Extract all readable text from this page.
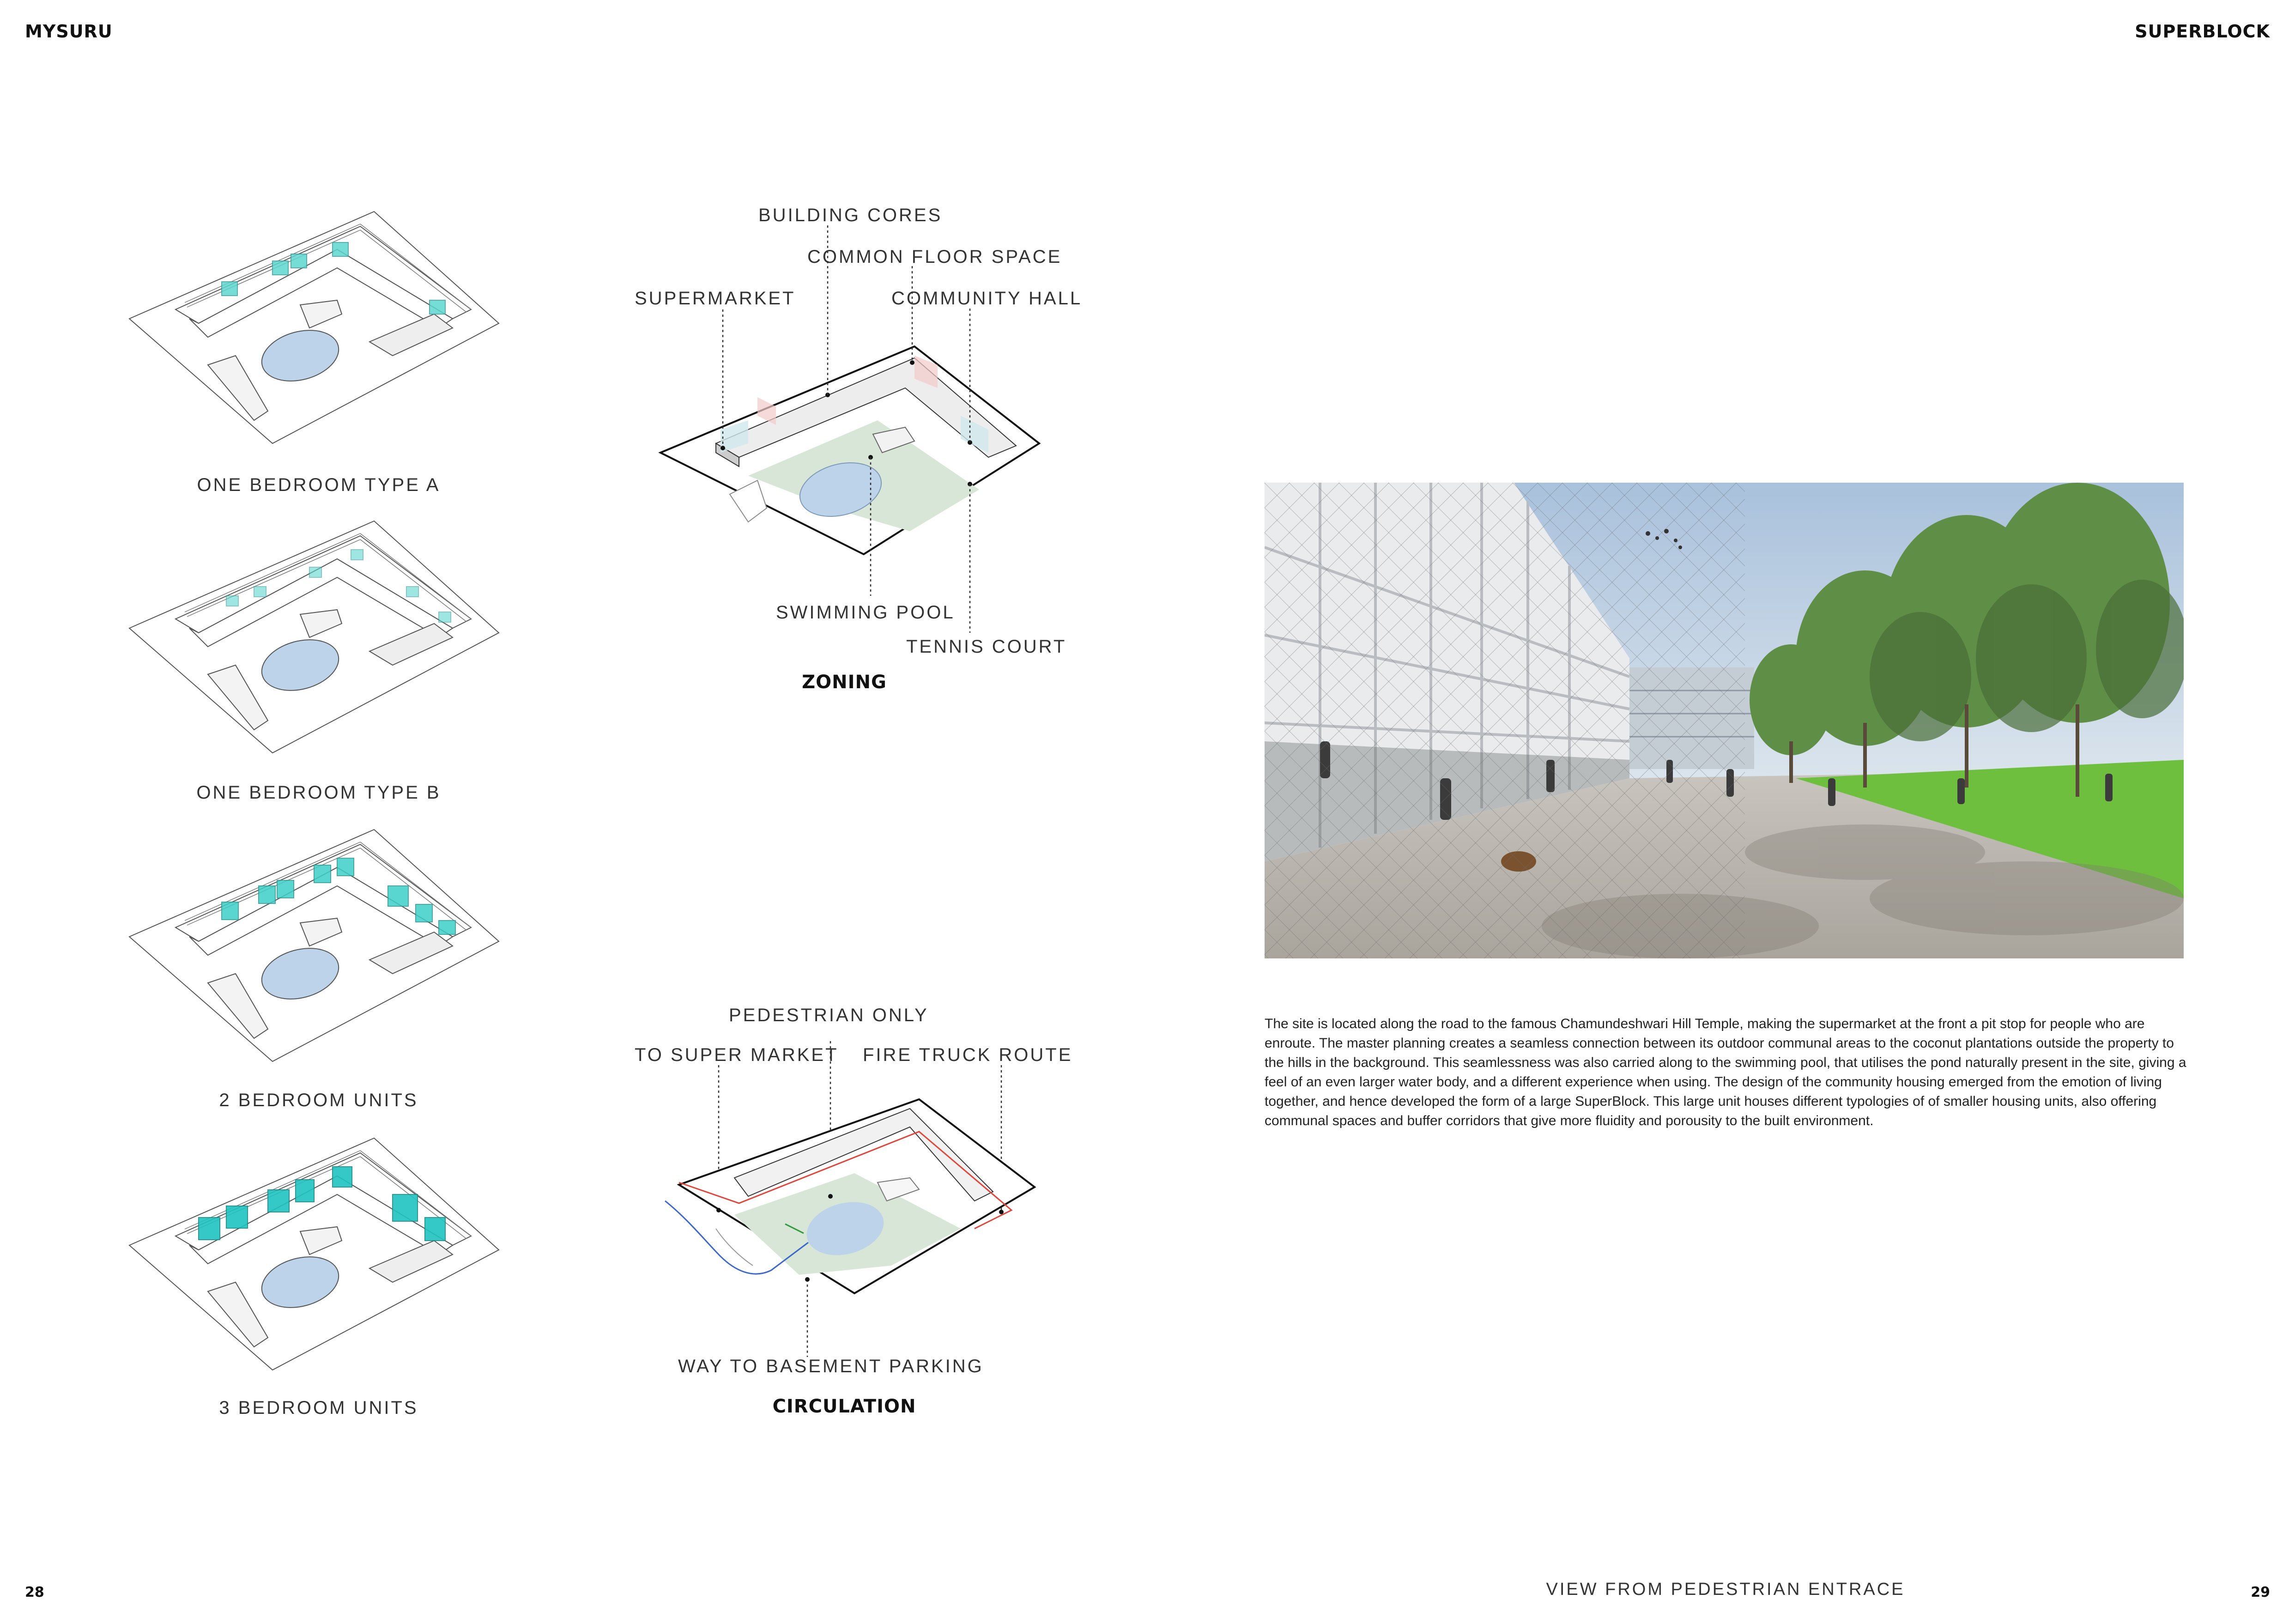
MYSURU	SUPERBLOCK
ONE BEDROOM TYPE A
ONE BEDROOM TYPE B
2 BEDROOM UNITS
3 BEDROOM UNITS
BUILDING CORES
COMMON FLOOR SPACE
SUPERMARKET	COMMUNITY HALL
SWIMMING POOL
TENNIS COURT
ZONING
PEDESTRIAN ONLY
TO SUPER MARKET FIRE TRUCK ROUTE
WAY TO BASEMENT PARKING
CIRCULATION
The site is located along the road to the famous Chamundeshwari Hill Temple, making the supermarket at the front a pit stop for people who are enroute. The master planning creates a seamless connection between its outdoor communal areas to the coconut plantations outside the property to the hills in the background. This seamlessness was also carried along to the swimming pool, that utilises the pond naturally present in the site, giving a feel of an even larger water body, and a different experience when using. The design of the community housing emerged from the emotion of living together, and hence developed the form of a large SuperBlock. This large unit houses different typologies of of smaller housing units, also offering communal spaces and buffer corridors that give more fluidity and porousity to the built environment.
VIEW FROM PEDESTRIAN ENTRACE
28	29
